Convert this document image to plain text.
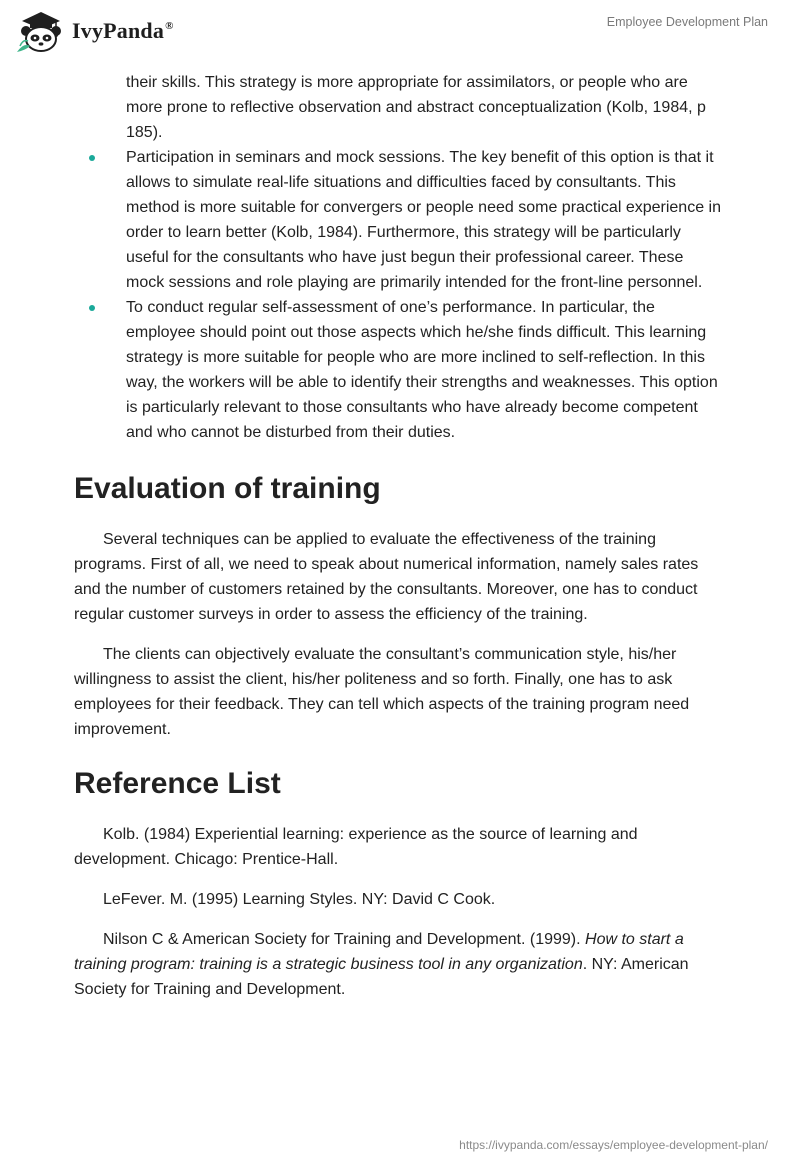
IvyPanda®	Employee Development Plan

their skills. This strategy is more appropriate for assimilators, or people who are more prone to reflective observation and abstract conceptualization (Kolb, 1984, p 185).

Participation in seminars and mock sessions. The key benefit of this option is that it allows to simulate real-life situations and difficulties faced by consultants. This method is more suitable for convergers or people need some practical experience in order to learn better (Kolb, 1984). Furthermore, this strategy will be particularly useful for the consultants who have just begun their professional career. These mock sessions and role playing are primarily intended for the front-line personnel.
To conduct regular self-assessment of one’s performance. In particular, the employee should point out those aspects which he/she finds difficult. This learning strategy is more suitable for people who are more inclined to self-reflection. In this way, the workers will be able to identify their strengths and weaknesses. This option is particularly relevant to those consultants who have already become competent and who cannot be disturbed from their duties.
Evaluation of training

Several techniques can be applied to evaluate the effectiveness of the training programs. First of all, we need to speak about numerical information, namely sales rates and the number of customers retained by the consultants. Moreover, one has to conduct regular customer surveys in order to assess the efficiency of the training.

The clients can objectively evaluate the consultant’s communication style, his/her willingness to assist the client, his/her politeness and so forth. Finally, one has to ask employees for their feedback. They can tell which aspects of the training program need improvement.

Reference List

Kolb. (1984) Experiential learning: experience as the source of learning and development. Chicago: Prentice-Hall.

LeFever. M. (1995) Learning Styles. NY: David C Cook.

Nilson C & American Society for Training and Development. (1999). How to start a training program: training is a strategic business tool in any organization. NY: American Society for Training and Development.

https://ivypanda.com/essays/employee-development-plan/
